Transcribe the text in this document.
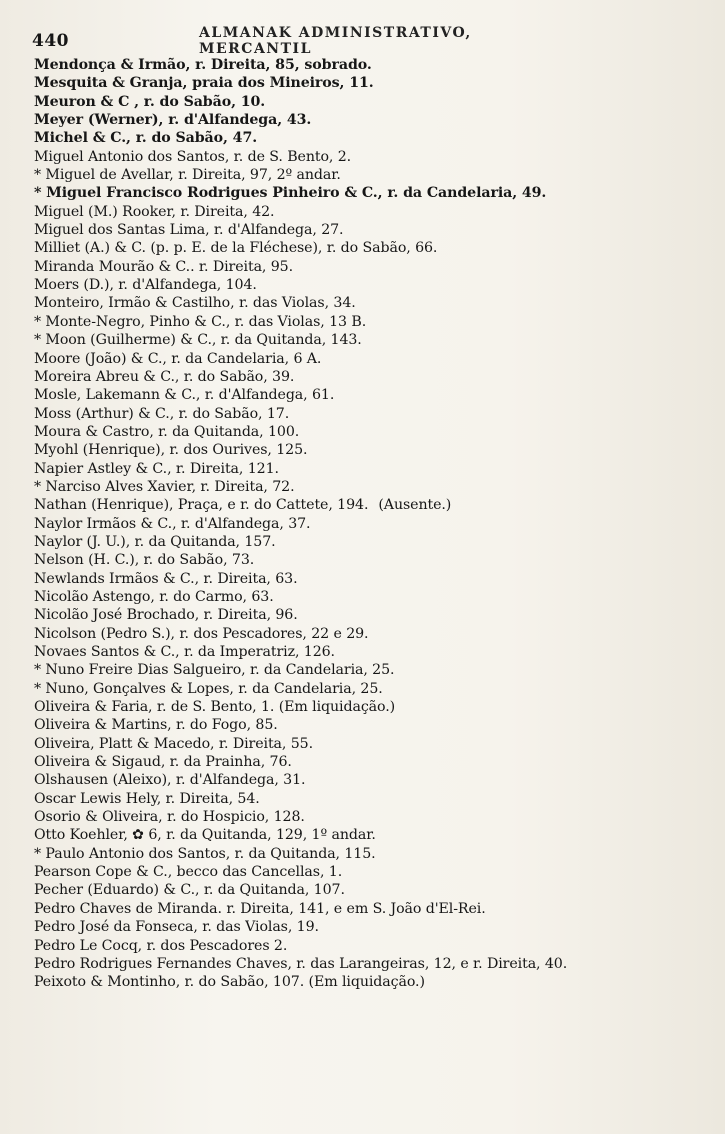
440	ALMANAK ADMINISTRATIVO, MERCANTIL
Mendonça & Irmão, r. Direita, 85, sobrado.
Mesquita & Granja, praia dos Mineiros, 11.
Meuron & C , r. do Sabão, 10.
Meyer (Werner), r. d'Alfandega, 43.
Michel & C., r. do Sabão, 47.
Miguel Antonio dos Santos, r. de S. Bento, 2.
* Miguel de Avellar, r. Direita, 97, 2º andar.
* Miguel Francisco Rodrigues Pinheiro & C., r. da Candelaria, 49.
Miguel (M.) Rooker, r. Direita, 42.
Miguel dos Santas Lima, r. d'Alfandega, 27.
Milliet (A.) & C. (p. p. E. de la Fléchese), r. do Sabão, 66.
Miranda Mourão & C.. r. Direita, 95.
Moers (D.), r. d'Alfandega, 104.
Monteiro, Irmão & Castilho, r. das Violas, 34.
* Monte-Negro, Pinho & C., r. das Violas, 13 B.
* Moon (Guilherme) & C., r. da Quitanda, 143.
Moore (João) & C., r. da Candelaria, 6 A.
Moreira Abreu & C., r. do Sabão, 39.
Mosle, Lakemann & C., r. d'Alfandega, 61.
Moss (Arthur) & C., r. do Sabão, 17.
Moura & Castro, r. da Quitanda, 100.
Myohl (Henrique), r. dos Ourives, 125.
Napier Astley & C., r. Direita, 121.
* Narciso Alves Xavier, r. Direita, 72.
Nathan (Henrique), Praça, e r. do Cattete, 194. (Ausente.)
Naylor Irmãos & C., r. d'Alfandega, 37.
Naylor (J. U.), r. da Quitanda, 157.
Nelson (H. C.), r. do Sabão, 73.
Newlands Irmãos & C., r. Direita, 63.
Nicolão Astengo, r. do Carmo, 63.
Nicolão José Brochado, r. Direita, 96.
Nicolson (Pedro S.), r. dos Pescadores, 22 e 29.
Novaes Santos & C., r. da Imperatriz, 126.
* Nuno Freire Dias Salgueiro, r. da Candelaria, 25.
* Nuno, Gonçalves & Lopes, r. da Candelaria, 25.
Oliveira & Faria, r. de S. Bento, 1. (Em liquidação.)
Oliveira & Martins, r. do Fogo, 85.
Oliveira, Platt & Macedo, r. Direita, 55.
Oliveira & Sigaud, r. da Prainha, 76.
Olshausen (Aleixo), r. d'Alfandega, 31.
Oscar Lewis Hely, r. Direita, 54.
Osorio & Oliveira, r. do Hospicio, 128.
Otto Koehler, ✿ 6, r. da Quitanda, 129, 1º andar.
* Paulo Antonio dos Santos, r. da Quitanda, 115.
Pearson Cope & C., becco das Cancellas, 1.
Pecher (Eduardo) & C., r. da Quitanda, 107.
Pedro Chaves de Miranda. r. Direita, 141, e em S. João d'El-Rei.
Pedro José da Fonseca, r. das Violas, 19.
Pedro Le Cocq, r. dos Pescadores 2.
Pedro Rodrigues Fernandes Chaves, r. das Larangeiras, 12, e r. Direita, 40.
Peixoto & Montinho, r. do Sabão, 107. (Em liquidação.)
